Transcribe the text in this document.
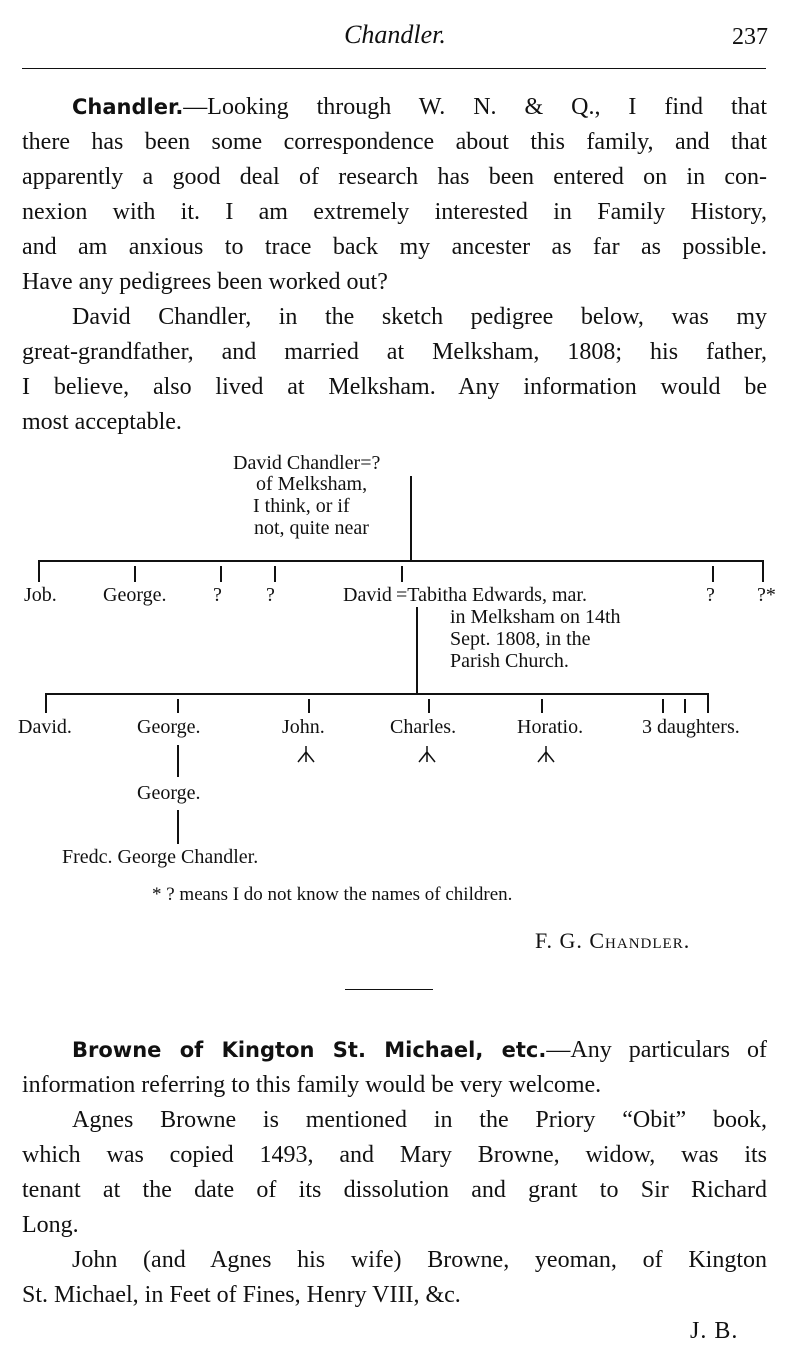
Chandler.	237
Chandler.—Looking through W. N. & Q., I find that
there has been some correspondence about this family, and that
apparently a good deal of research has been entered on in con-
nexion with it. I am extremely interested in Family History,
and am anxious to trace back my ancester as far as possible.
Have any pedigrees been worked out?
David Chandler, in the sketch pedigree below, was my
great-grandfather, and married at Melksham, 1808; his father,
I believe, also lived at Melksham. Any information would be
most acceptable.
David Chandler=?
of Melksham,
I think, or if
not, quite near
Job. George. ? ?	David =Tabitha Edwards, mar.
in Melksham on 14th
Sept. 1808, in the
Parish Church.
? ?*
David.	George.	John.	Charles.	Horatio.	3 daughters.
George.
Fredc. George Chandler.
* ? means I do not know the names of children.
F. G. Chandler.
Browne of Kington St. Michael, etc.—Any particulars of
information referring to this family would be very welcome.
Agnes Browne is mentioned in the Priory “Obit” book,
which was copied 1493, and Mary Browne, widow, was its
tenant at the date of its dissolution and grant to Sir Richard
Long.
John (and Agnes his wife) Browne, yeoman, of Kington
St. Michael, in Feet of Fines, Henry VIII, &c.
J. B.
